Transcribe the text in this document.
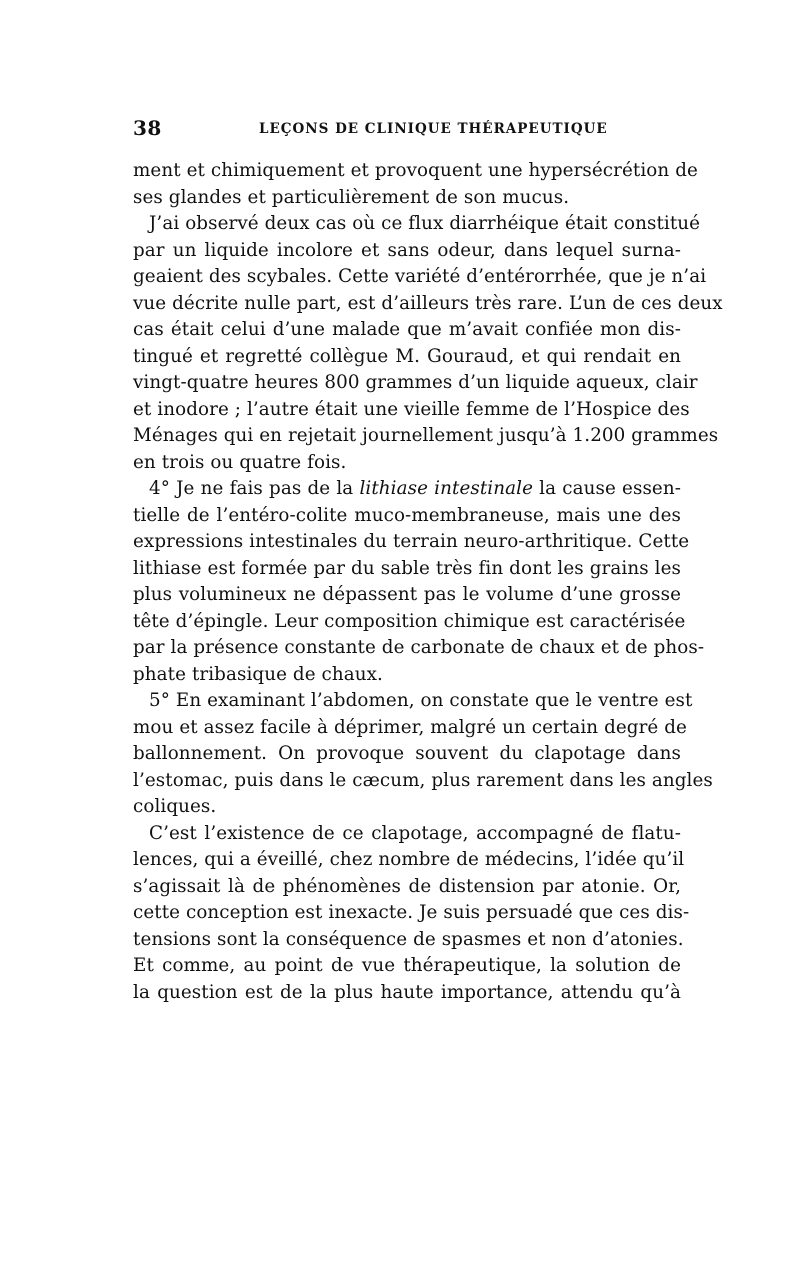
38	LEÇONS DE CLINIQUE THÉRAPEUTIQUE
ment et chimiquement et provoquent une hypersécrétion de
ses glandes et particulièrement de son mucus.
J’ai observé deux cas où ce flux diarrhéique était constitué
par un liquide incolore et sans odeur, dans lequel surna-
geaient des scybales. Cette variété d’entérorrhée, que je n’ai
vue décrite nulle part, est d’ailleurs très rare. L’un de ces deux
cas était celui d’une malade que m’avait confiée mon dis-
tingué et regretté collègue M. Gouraud, et qui rendait en
vingt-quatre heures 800 grammes d’un liquide aqueux, clair
et inodore ; l’autre était une vieille femme de l’Hospice des
Ménages qui en rejetait journellement jusqu’à 1.200 grammes
en trois ou quatre fois.
4° Je ne fais pas de la lithiase intestinale la cause essen-
tielle de l’entéro-colite muco-membraneuse, mais une des
expressions intestinales du terrain neuro-arthritique. Cette
lithiase est formée par du sable très fin dont les grains les
plus volumineux ne dépassent pas le volume d’une grosse
tête d’épingle. Leur composition chimique est caractérisée
par la présence constante de carbonate de chaux et de phos-
phate tribasique de chaux.
5° En examinant l’abdomen, on constate que le ventre est
mou et assez facile à déprimer, malgré un certain degré de
ballonnement. On provoque souvent du clapotage dans
l’estomac, puis dans le cæcum, plus rarement dans les angles
coliques.
C’est l’existence de ce clapotage, accompagné de flatu-
lences, qui a éveillé, chez nombre de médecins, l’idée qu’il
s’agissait là de phénomènes de distension par atonie. Or,
cette conception est inexacte. Je suis persuadé que ces dis-
tensions sont la conséquence de spasmes et non d’atonies.
Et comme, au point de vue thérapeutique, la solution de
la question est de la plus haute importance, attendu qu’à
